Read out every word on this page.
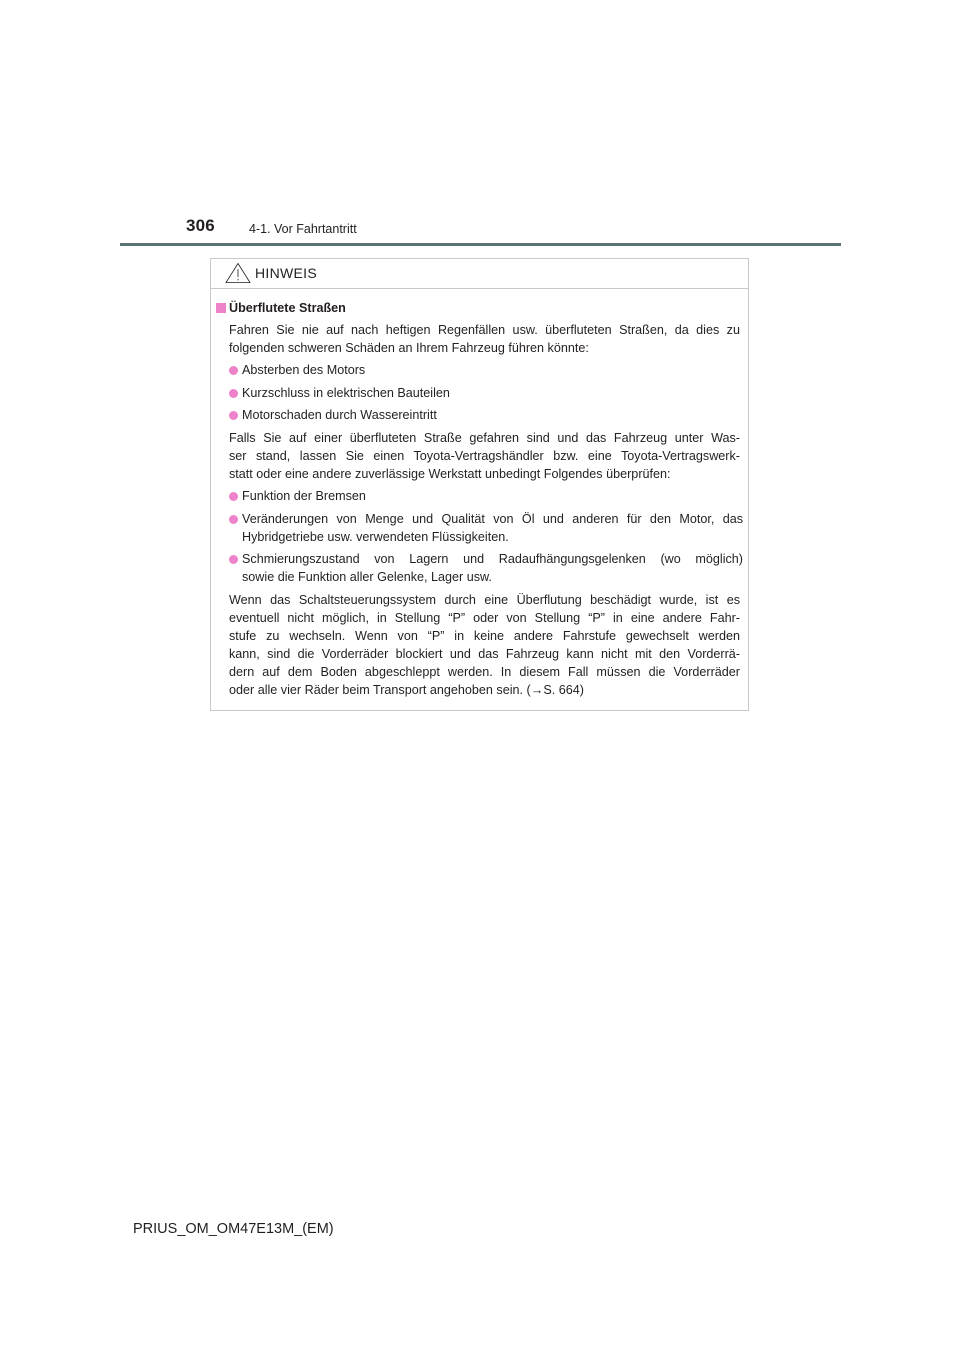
306	4-1. Vor Fahrtantritt
HINWEIS
Überflutete Straßen
Fahren Sie nie auf nach heftigen Regenfällen usw. überfluteten Straßen, da dies zu
folgenden schweren Schäden an Ihrem Fahrzeug führen könnte:
Absterben des Motors
Kurzschluss in elektrischen Bauteilen
Motorschaden durch Wassereintritt
Falls Sie auf einer überfluteten Straße gefahren sind und das Fahrzeug unter Was-
ser stand, lassen Sie einen Toyota-Vertragshändler bzw. eine Toyota-Vertragswerk-
statt oder eine andere zuverlässige Werkstatt unbedingt Folgendes überprüfen:
Funktion der Bremsen
Veränderungen von Menge und Qualität von Öl und anderen für den Motor, das
Hybridgetriebe usw. verwendeten Flüssigkeiten.
Schmierungszustand von Lagern und Radaufhängungsgelenken (wo möglich)
sowie die Funktion aller Gelenke, Lager usw.
Wenn das Schaltsteuerungssystem durch eine Überflutung beschädigt wurde, ist es
eventuell nicht möglich, in Stellung “P” oder von Stellung “P” in eine andere Fahr-
stufe zu wechseln. Wenn von “P” in keine andere Fahrstufe gewechselt werden
kann, sind die Vorderräder blockiert und das Fahrzeug kann nicht mit den Vorderrä-
dern auf dem Boden abgeschleppt werden. In diesem Fall müssen die Vorderräder
oder alle vier Räder beim Transport angehoben sein. (→S. 664)
PRIUS_OM_OM47E13M_(EM)
